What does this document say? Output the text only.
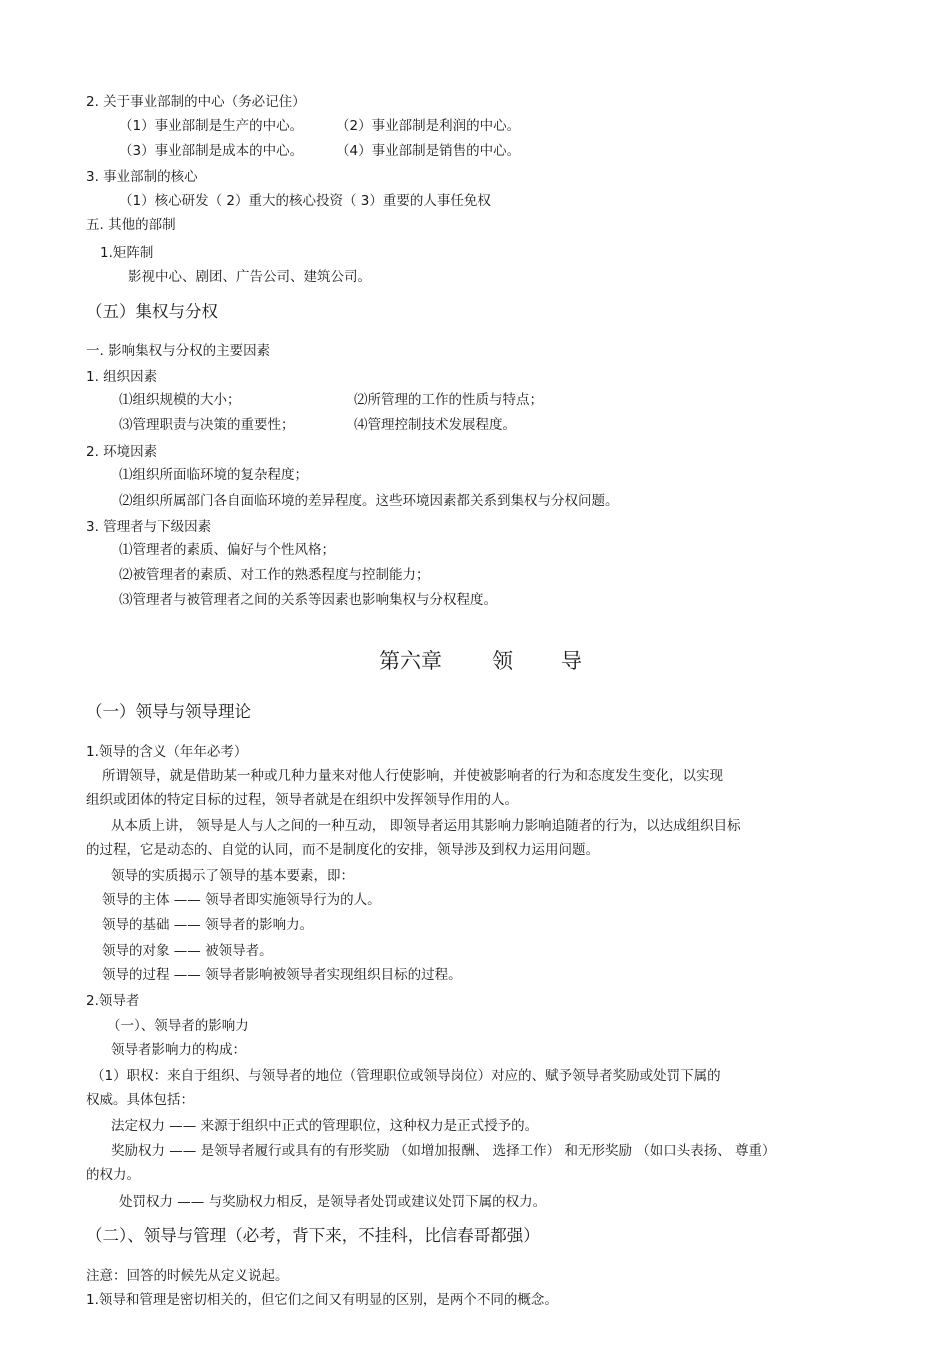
2. 关于事业部制的中心（务必记住）
（1）事业部制是生产的中心。 （2）事业部制是利润的中心。
（3）事业部制是成本的中心。 （4）事业部制是销售的中心。
3. 事业部制的核心
（1）核心研发（ 2）重大的核心投资（ 3）重要的人事任免权
五. 其他的部制
1.矩阵制
影视中心、剧团、广告公司、建筑公司。
（五）集权与分权
一. 影响集权与分权的主要因素
1. 组织因素
⑴组织规模的大小；	⑵所管理的工作的性质与特点；
⑶管理职责与决策的重要性；	⑷管理控制技术发展程度。
2. 环境因素
⑴组织所面临环境的复杂程度；
⑵组织所属部门各自面临环境的差异程度。这些环境因素都关系到集权与分权问题。
3. 管理者与下级因素
⑴管理者的素质、偏好与个性风格；
⑵被管理者的素质、对工作的熟悉程度与控制能力；
⑶管理者与被管理者之间的关系等因素也影响集权与分权程度。
第六章 领 导
（一）领导与领导理论
1.领导的含义（年年必考）
所谓领导，就是借助某一种或几种力量来对他人行使影响，并使被影响者的行为和态度发生变化，以实现
组织或团体的特定目标的过程，领导者就是在组织中发挥领导作用的人。
从本质上讲， 领导是人与人之间的一种互动， 即领导者运用其影响力影响追随者的行为，以达成组织目标
的过程，它是动态的、自觉的认同，而不是制度化的安排，领导涉及到权力运用问题。
领导的实质揭示了领导的基本要素，即：
领导的主体 —— 领导者即实施领导行为的人。
领导的基础 —— 领导者的影响力。
领导的对象 —— 被领导者。
领导的过程 —— 领导者影响被领导者实现组织目标的过程。
2.领导者
（一）、领导者的影响力
领导者影响力的构成：
（1）职权：来自于组织、与领导者的地位（管理职位或领导岗位）对应的、赋予领导者奖励或处罚下属的
权威。具体包括：
法定权力 —— 来源于组织中正式的管理职位，这种权力是正式授予的。
奖励权力 —— 是领导者履行或具有的有形奖励 （如增加报酬、 选择工作） 和无形奖励 （如口头表扬、 尊重）
的权力。
处罚权力 —— 与奖励权力相反，是领导者处罚或建议处罚下属的权力。
（二）、领导与管理（必考，背下来，不挂科，比信春哥都强）
注意：回答的时候先从定义说起。
1.领导和管理是密切相关的，但它们之间又有明显的区别，是两个不同的概念。
